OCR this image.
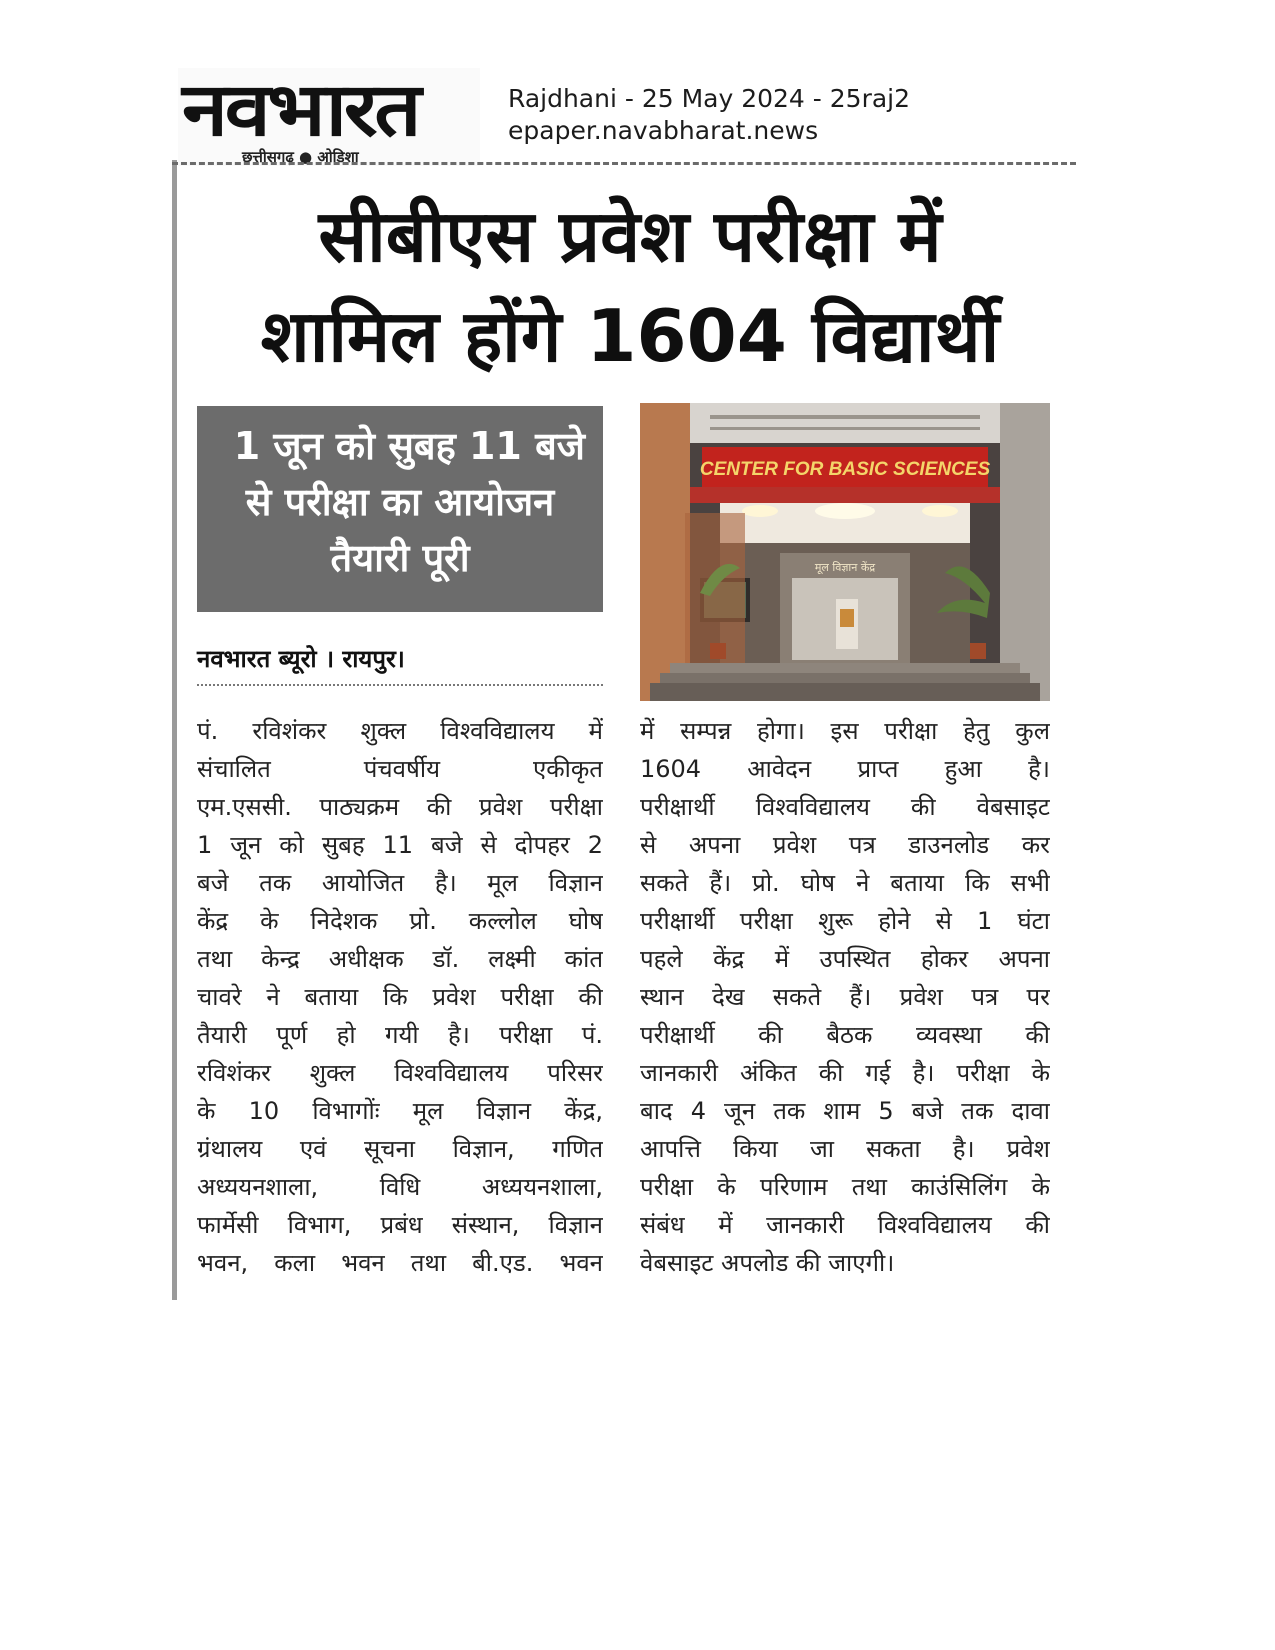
नवभारत
छत्तीसगढ़ ● ओडिशा
Rajdhani - 25 May 2024 - 25raj2
epaper.navabharat.news
सीबीएस प्रवेश परीक्षा में
शामिल होंगे 1604 विद्यार्थी
1 जून को सुबह 11 बजे
से परीक्षा का आयोजन
तैयारी पूरी
नवभारत ब्यूरो । रायपुर।
पं. रविशंकर शुक्ल विश्वविद्यालय में
संचालित पंचवर्षीय एकीकृत
एम.एससी. पाठ्यक्रम की प्रवेश परीक्षा
1 जून को सुबह 11 बजे से दोपहर 2
बजे तक आयोजित है। मूल विज्ञान
केंद्र के निदेशक प्रो. कल्लोल घोष
तथा केन्द्र अधीक्षक डॉ. लक्ष्मी कांत
चावरे ने बताया कि प्रवेश परीक्षा की
तैयारी पूर्ण हो गयी है। परीक्षा पं.
रविशंकर शुक्ल विश्वविद्यालय परिसर
के 10 विभागोंः मूल विज्ञान केंद्र,
ग्रंथालय एवं सूचना विज्ञान, गणित
अध्ययनशाला, विधि अध्ययनशाला,
फार्मेसी विभाग, प्रबंध संस्थान, विज्ञान
भवन, कला भवन तथा बी.एड. भवन
CENTER FOR BASIC SCIENCES
मूल विज्ञान केंद्र
में सम्पन्न होगा। इस परीक्षा हेतु कुल
1604 आवेदन प्राप्त हुआ है।
परीक्षार्थी विश्वविद्यालय की वेबसाइट
से अपना प्रवेश पत्र डाउनलोड कर
सकते हैं। प्रो. घोष ने बताया कि सभी
परीक्षार्थी परीक्षा शुरू होने से 1 घंटा
पहले केंद्र में उपस्थित होकर अपना
स्थान देख सकते हैं। प्रवेश पत्र पर
परीक्षार्थी की बैठक व्यवस्था की
जानकारी अंकित की गई है। परीक्षा के
बाद 4 जून तक शाम 5 बजे तक दावा
आपत्ति किया जा सकता है। प्रवेश
परीक्षा के परिणाम तथा काउंसिलिंग के
संबंध में जानकारी विश्वविद्यालय की
वेबसाइट अपलोड की जाएगी।
